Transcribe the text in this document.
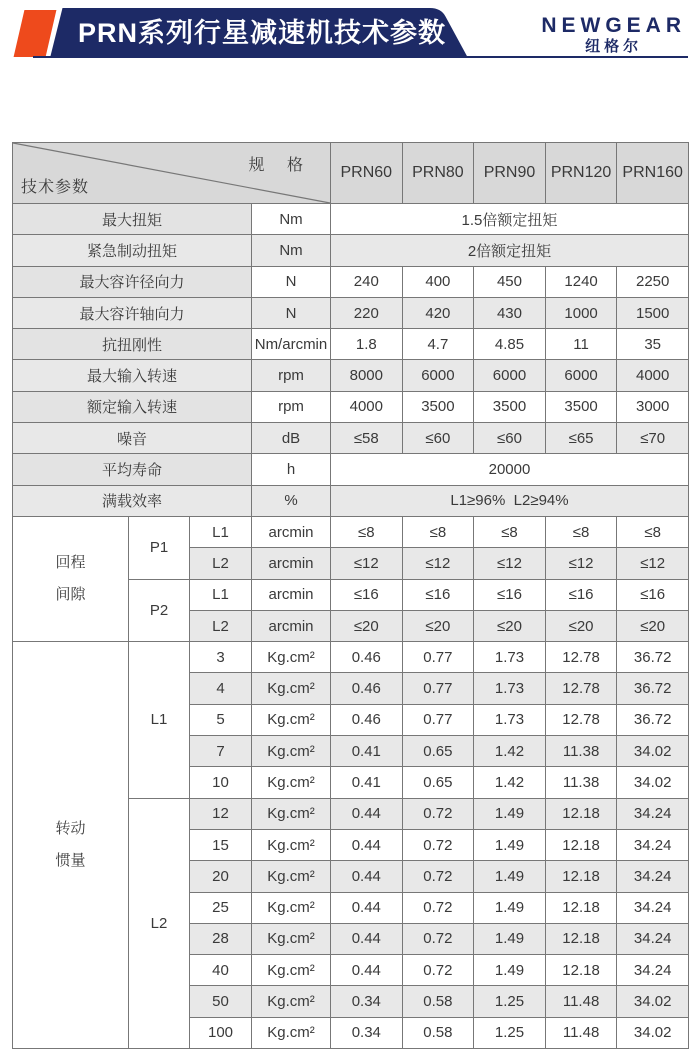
PRN系列行星减速机技术参数	NEWGEAR
纽格尔
规 格
技术参数				PRN60	PRN80	PRN90	PRN120	PRN160
最大扭矩			Nm	1.5倍额定扭矩				
紧急制动扭矩			Nm	2倍额定扭矩				
最大容许径向力			N	240	400	450	1240	2250
最大容许轴向力			N	220	420	430	1000	1500
抗扭刚性			Nm/arcmin	1.8	4.7	4.85	11	35
最大输入转速			rpm	8000	6000	6000	6000	4000
额定输入转速			rpm	4000	3500	3500	3500	3000
噪音			dB	≤58	≤60	≤60	≤65	≤70
平均寿命			h	20000				
满载效率			%	L1≥96%  L2≥94%				

回程
间隙	P1	L1	arcmin	≤8	≤8	≤8	≤8	≤8
		L2	arcmin	≤12	≤12	≤12	≤12	≤12
	P2	L1	arcmin	≤16	≤16	≤16	≤16	≤16
		L2	arcmin	≤20	≤20	≤20	≤20	≤20

转动
惯量	L1	3	Kg.cm²	0.46	0.77	1.73	12.78	36.72
		4	Kg.cm²	0.46	0.77	1.73	12.78	36.72
		5	Kg.cm²	0.46	0.77	1.73	12.78	36.72
		7	Kg.cm²	0.41	0.65	1.42	11.38	34.02
		10	Kg.cm²	0.41	0.65	1.42	11.38	34.02
	L2	12	Kg.cm²	0.44	0.72	1.49	12.18	34.24
		15	Kg.cm²	0.44	0.72	1.49	12.18	34.24
		20	Kg.cm²	0.44	0.72	1.49	12.18	34.24
		25	Kg.cm²	0.44	0.72	1.49	12.18	34.24
		28	Kg.cm²	0.44	0.72	1.49	12.18	34.24
		40	Kg.cm²	0.44	0.72	1.49	12.18	34.24
		50	Kg.cm²	0.34	0.58	1.25	11.48	34.02
		100	Kg.cm²	0.34	0.58	1.25	11.48	34.02
